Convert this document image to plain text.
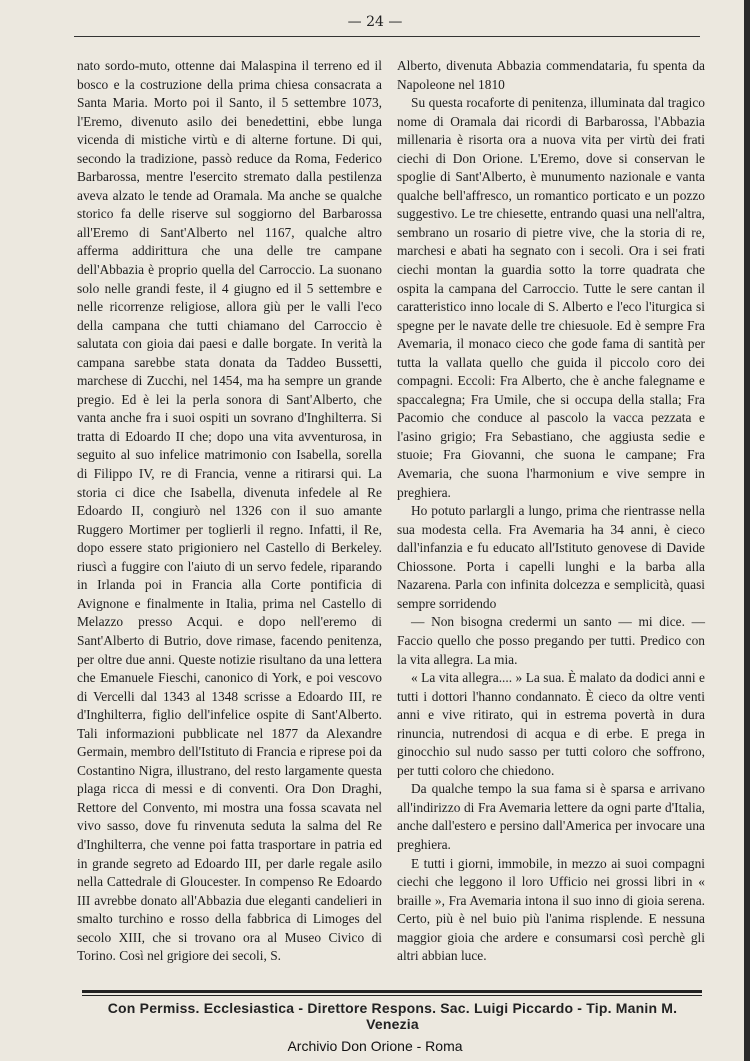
— 24 —

nato sordo-muto, ottenne dai Malaspina il terreno ed il bosco e la costruzione della prima chiesa consacrata a Santa Maria. Morto poi il Santo, il 5 settembre 1073, l'Eremo, divenuto asilo dei benedettini, ebbe lunga vicenda di mistiche virtù e di alterne fortune. Di qui, secondo la tradizione, passò reduce da Roma, Federico Barbarossa, mentre l'esercito stremato dalla pestilenza aveva alzato le tende ad Oramala. Ma anche se qualche storico fa delle riserve sul soggiorno del Barbarossa all'Eremo di Sant'Alberto nel 1167, qualche altro afferma addirittura che una delle tre campane dell'Abbazia è proprio quella del Carroccio. La suonano solo nelle grandi feste, il 4 giugno ed il 5 settembre e nelle ricorrenze religiose, allora giù per le valli l'eco della campana che tutti chiamano del Carroccio è salutata con gioia dai paesi e dalle borgate. In verità la campana sarebbe stata donata da Taddeo Bussetti, marchese di Zucchi, nel 1454, ma ha sempre un grande pregio. Ed è lei la perla sonora di Sant'Alberto, che vanta anche fra i suoi ospiti un sovrano d'Inghilterra. Si tratta di Edoardo II che; dopo una vita avventurosa, in seguito al suo infelice matrimonio con Isabella, sorella di Filippo IV, re di Francia, venne a ritirarsi qui. La storia ci dice che Isabella, divenuta infedele al Re Edoardo II, congiurò nel 1326 con il suo amante Ruggero Mortimer per toglierli il regno. Infatti, il Re, dopo essere stato prigioniero nel Castello di Berkeley. riuscì a fuggire con l'aiuto di un servo fedele, riparando in Irlanda poi in Francia alla Corte pontificia di Avignone e finalmente in Italia, prima nel Castello di Melazzo presso Acqui. e dopo nell'eremo di Sant'Alberto di Butrio, dove rimase, facendo penitenza, per oltre due anni. Queste notizie risultano da una lettera che Emanuele Fieschi, canonico di York, e poi vescovo di Vercelli dal 1343 al 1348 scrisse a Edoardo III, re d'Inghilterra, figlio dell'infelice ospite di Sant'Alberto. Tali informazioni pubblicate nel 1877 da Alexandre Germain, membro dell'Istituto di Francia e riprese poi da Costantino Nigra, illustrano, del resto largamente questa plaga ricca di messi e di conventi. Ora Don Draghi, Rettore del Convento, mi mostra una fossa scavata nel vivo sasso, dove fu rinvenuta seduta la salma del Re d'Inghilterra, che venne poi fatta trasportare in patria ed in grande segreto ad Edoardo III, per darle regale asilo nella Cattedrale di Gloucester. In compenso Re Edoardo III avrebbe donato all'Abbazia due eleganti candelieri in smalto turchino e rosso della fabbrica di Limoges del secolo XIII, che si trovano ora al Museo Civico di Torino. Così nel grigiore dei secoli, S.

Alberto, divenuta Abbazia commendataria, fu spenta da Napoleone nel 1810

Su questa rocaforte di penitenza, illuminata dal tragico nome di Oramala dai ricordi di Barbarossa, l'Abbazia millenaria è risorta ora a nuova vita per virtù dei frati ciechi di Don Orione. L'Eremo, dove si conservan le spoglie di Sant'Alberto, è munumento nazionale e vanta qualche bell'affresco, un romantico porticato e un pozzo suggestivo. Le tre chiesette, entrando quasi una nell'altra, sembrano un rosario di pietre vive, che la storia di re, marchesi e abati ha segnato con i secoli. Ora i sei frati ciechi montan la guardia sotto la torre quadrata che ospita la campana del Carroccio. Tutte le sere cantan il caratteristico inno locale di S. Alberto e l'eco l'iturgica si spegne per le navate delle tre chiesuole. Ed è sempre Fra Avemaria, il monaco cieco che gode fama di santità per tutta la vallata quello che guida il piccolo coro dei compagni. Eccoli: Fra Alberto, che è anche falegname e spaccalegna; Fra Umile, che si occupa della stalla; Fra Pacomio che conduce al pascolo la vacca pezzata e l'asino grigio; Fra Sebastiano, che aggiusta sedie e stuoie; Fra Giovanni, che suona le campane; Fra Avemaria, che suona l'harmonium e vive sempre in preghiera.

Ho potuto parlargli a lungo, prima che rientrasse nella sua modesta cella. Fra Avemaria ha 34 anni, è cieco dall'infanzia e fu educato all'Istituto genovese di Davide Chiossone. Porta i capelli lunghi e la barba alla Nazarena. Parla con infinita dolcezza e semplicità, quasi sempre sorridendo

— Non bisogna credermi un santo — mi dice. — Faccio quello che posso pregando per tutti. Predico con la vita allegra. La mia.

« La vita allegra.... » La sua. È malato da dodici anni e tutti i dottori l'hanno condannato. È cieco da oltre venti anni e vive ritirato, qui in estrema povertà in dura rinuncia, nutrendosi di acqua e di erbe. E prega in ginocchio sul nudo sasso per tutti coloro che soffrono, per tutti coloro che chiedono.

Da qualche tempo la sua fama si è sparsa e arrivano all'indirizzo di Fra Avemaria lettere da ogni parte d'Italia, anche dall'estero e persino dall'America per invocare una preghiera.

E tutti i giorni, immobile, in mezzo ai suoi compagni ciechi che leggono il loro Ufficio nei grossi libri in « braille », Fra Avemaria intona il suo inno di gioia serena. Certo, più è nel buio più l'anima risplende. E nessuna maggior gioia che ardere e consumarsi così perchè gli altri abbian luce.

Con Permiss. Ecclesiastica - Direttore Respons. Sac. Luigi Piccardo - Tip. Manin M. Venezia
Archivio Don Orione - Roma
